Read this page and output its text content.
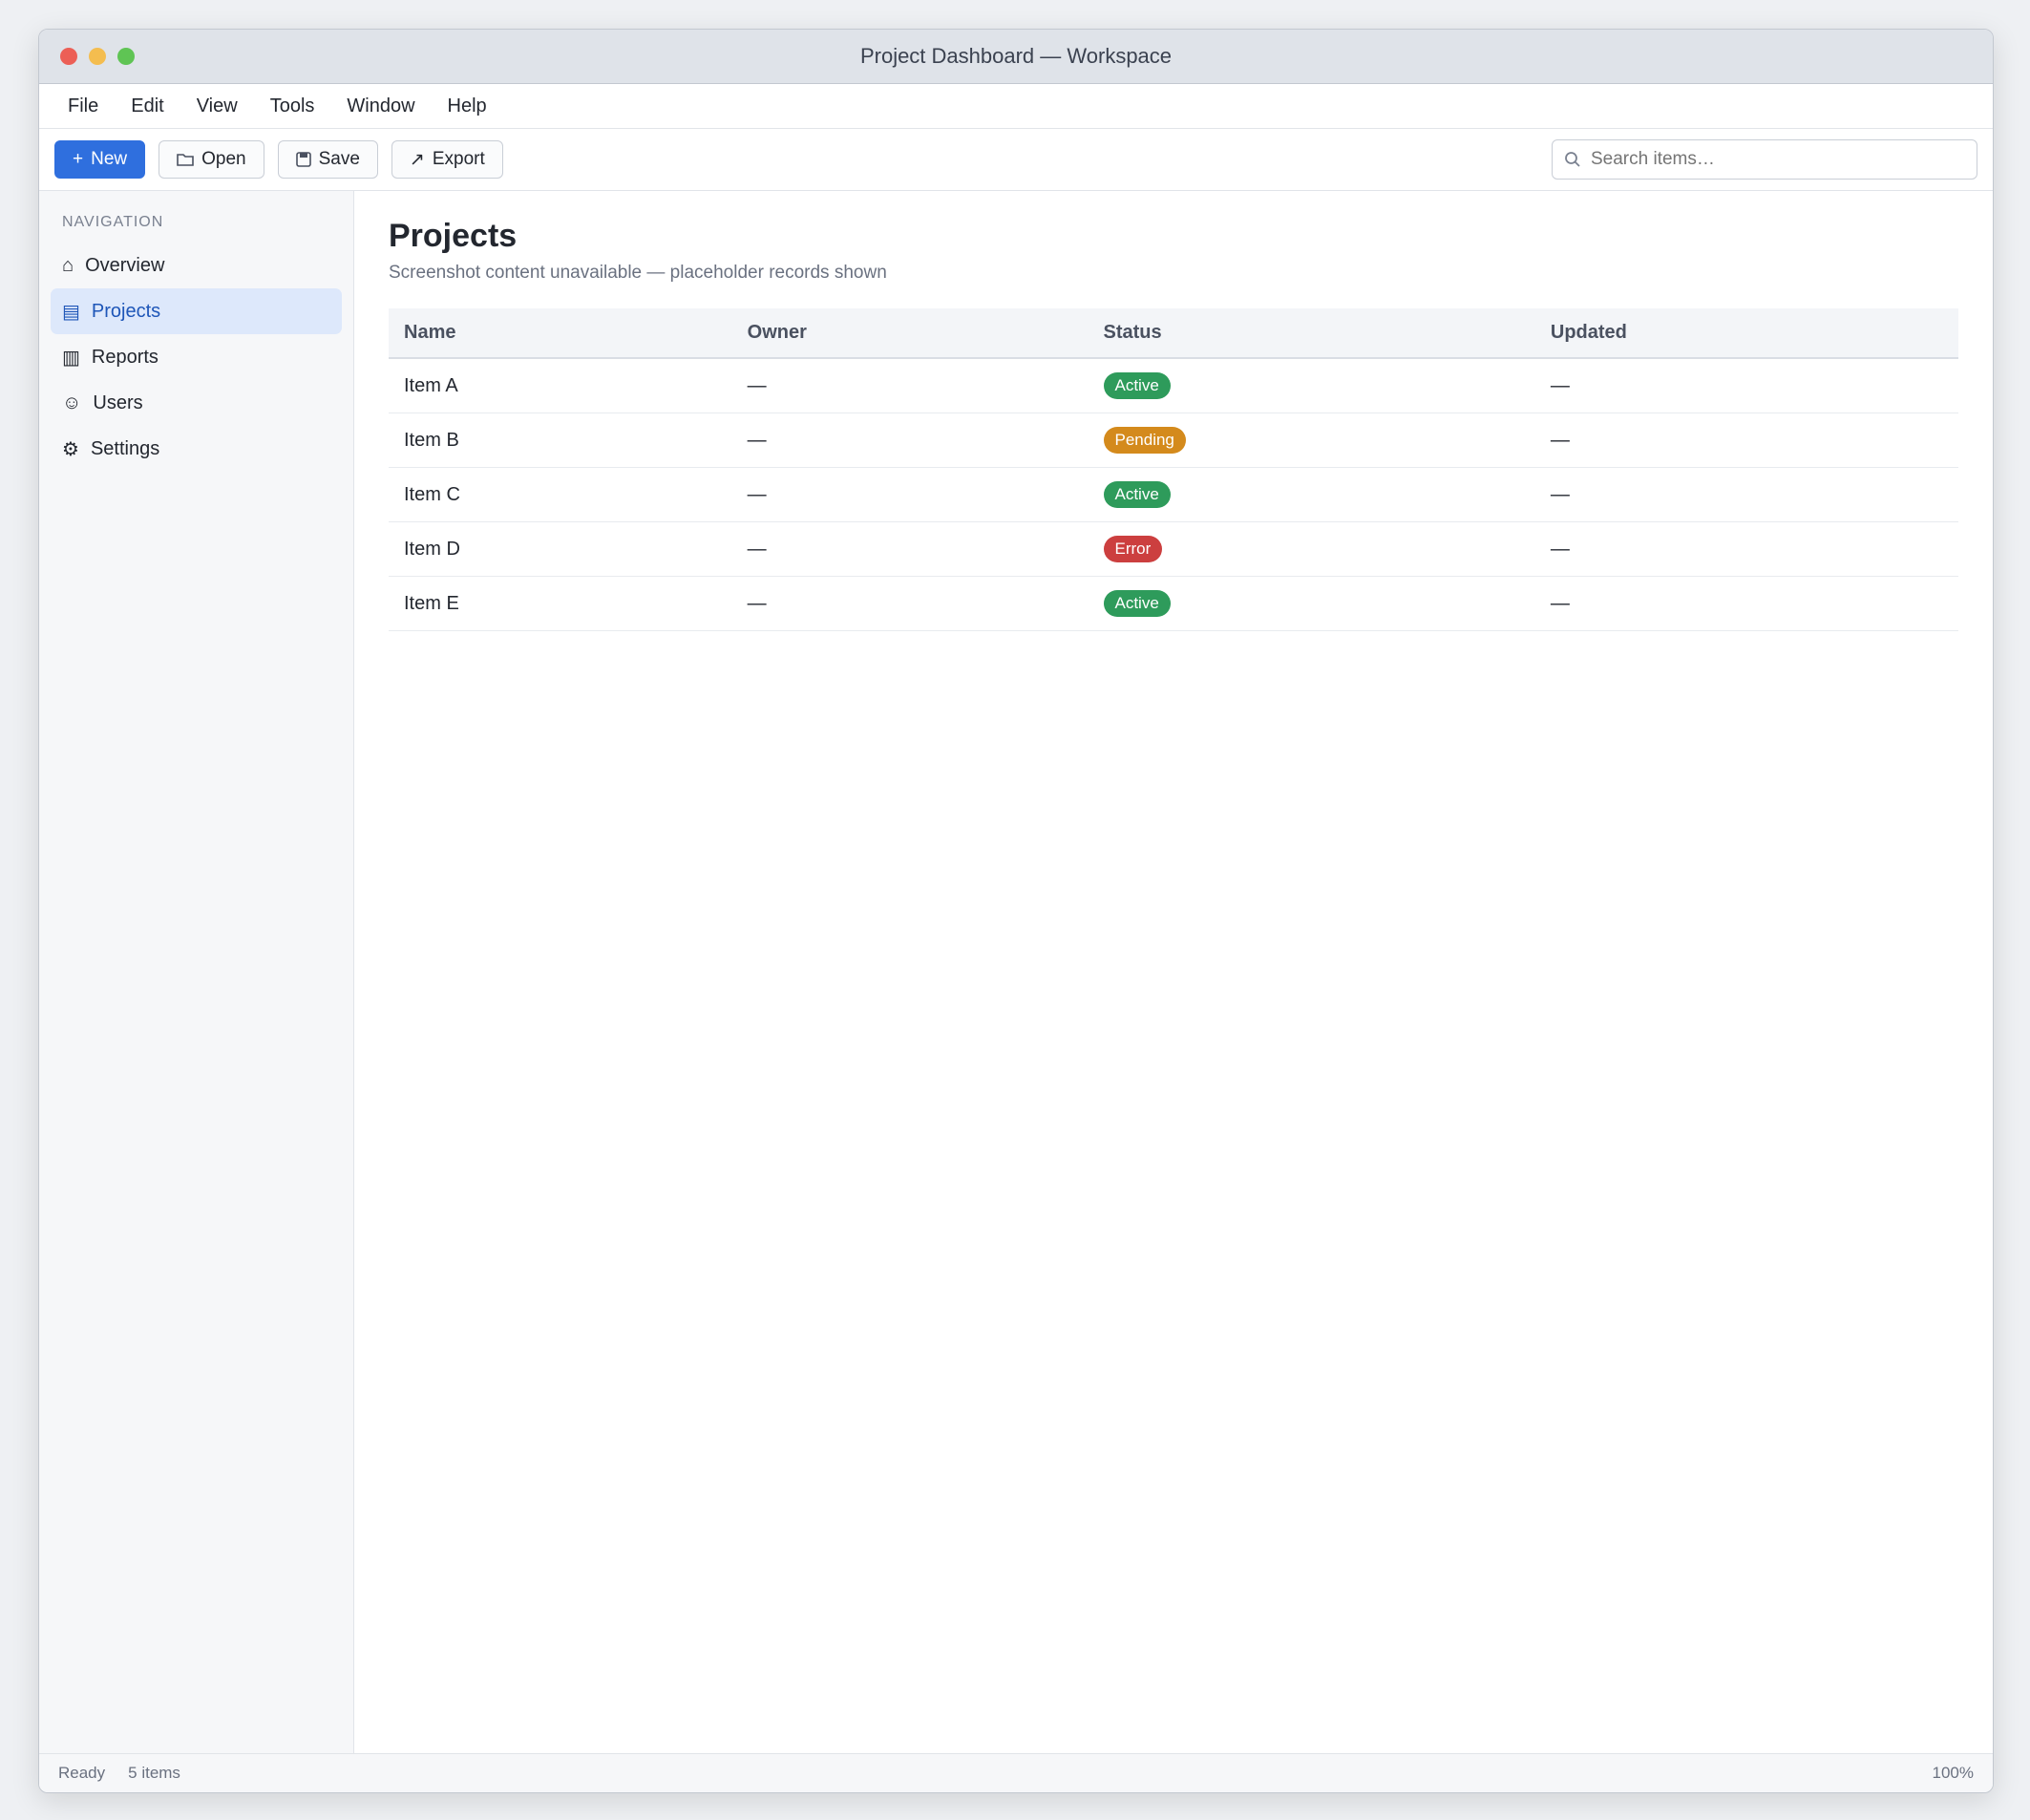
Project Dashboard — Workspace
File	Edit	View	Tools	Window	Help
+ New	Open	Save	↗ Export
Search items…
NAVIGATION
⌂ Overview
▤ Projects
▥ Reports
☺ Users
⚙ Settings
Projects

Screenshot content unavailable — placeholder records shown

Name	Owner	Status	Updated
Item A	—	Active	—
Item B	—	Pending	—
Item C	—	Active	—
Item D	—	Error	—
Item E	—	Active	—
Ready 5 items	100%
